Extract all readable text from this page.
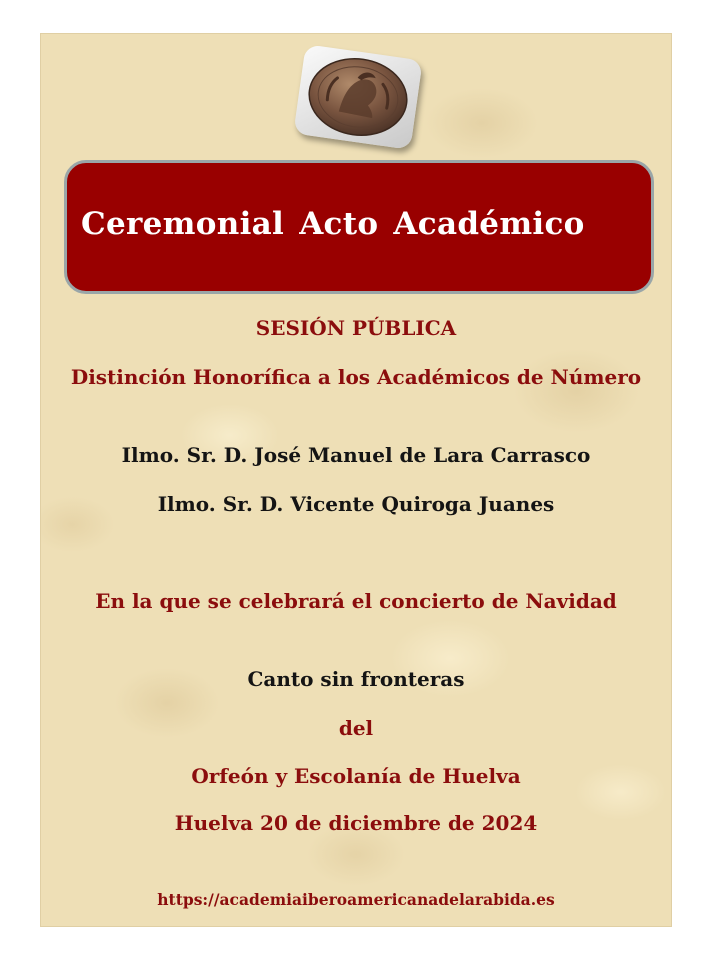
Ceremonial Acto Académico

SESIÓN PÚBLICA

Distinción Honorífica a los Académicos de Número

Ilmo. Sr. D. José Manuel de Lara Carrasco

Ilmo. Sr. D. Vicente Quiroga Juanes

En la que se celebrará el concierto de Navidad

Canto sin fronteras

del

Orfeón y Escolanía de Huelva

Huelva 20 de diciembre de 2024

https://academiaiberoamericanadelarabida.es
